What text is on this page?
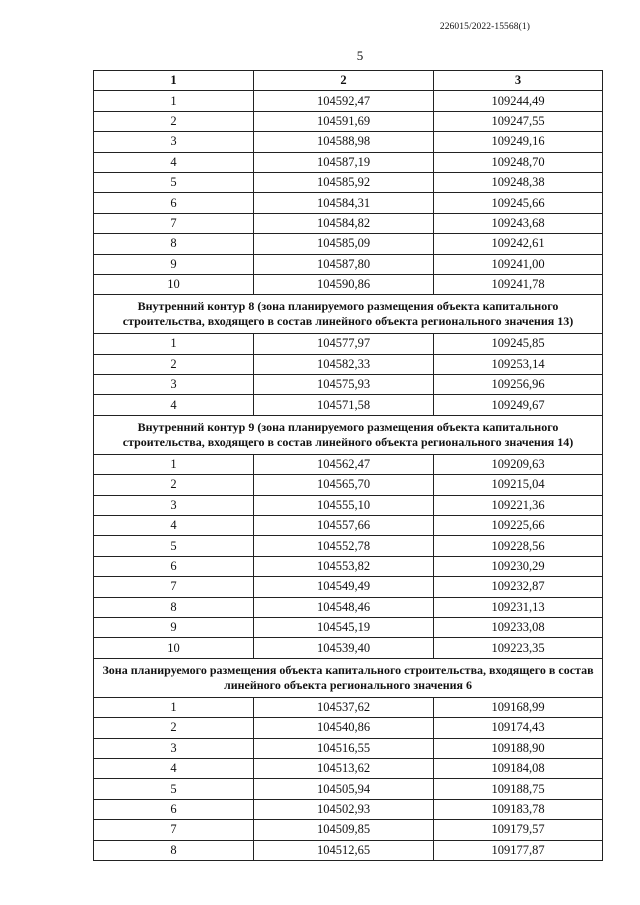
226015/2022-15568(1)
5
1	2	3
1	104592,47	109244,49
2	104591,69	109247,55
3	104588,98	109249,16
4	104587,19	109248,70
5	104585,92	109248,38
6	104584,31	109245,66
7	104584,82	109243,68
8	104585,09	109242,61
9	104587,80	109241,00
10	104590,86	109241,78
Внутренний контур 8 (зона планируемого размещения объекта капитального строительства, входящего в состав линейного объекта регионального значения 13)		
1	104577,97	109245,85
2	104582,33	109253,14
3	104575,93	109256,96
4	104571,58	109249,67
Внутренний контур 9 (зона планируемого размещения объекта капитального строительства, входящего в состав линейного объекта регионального значения 14)		
1	104562,47	109209,63
2	104565,70	109215,04
3	104555,10	109221,36
4	104557,66	109225,66
5	104552,78	109228,56
6	104553,82	109230,29
7	104549,49	109232,87
8	104548,46	109231,13
9	104545,19	109233,08
10	104539,40	109223,35
Зона планируемого размещения объекта капитального строительства, входящего в состав линейного объекта регионального значения 6		
1	104537,62	109168,99
2	104540,86	109174,43
3	104516,55	109188,90
4	104513,62	109184,08
5	104505,94	109188,75
6	104502,93	109183,78
7	104509,85	109179,57
8	104512,65	109177,87
